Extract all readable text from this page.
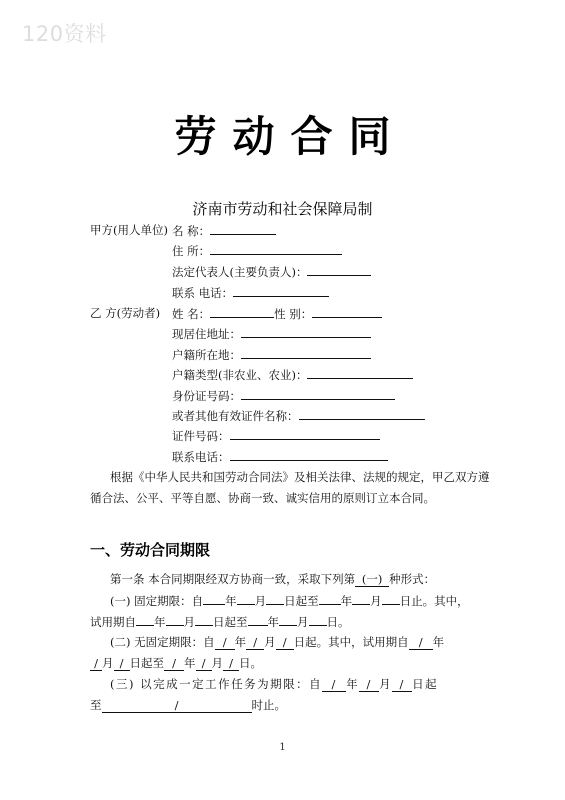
120资料
劳动合同
济南市劳动和社会保障局制
甲方(用人单位) 名 称：
住 所：
法定代表人(主要负责人)：
联系 电话：
乙 方(劳动者) 姓 名：	性 别：
现居住地址：
户籍所在地：
户籍类型(非农业、农业)：
身份证号码：
或者其他有效证件名称：
证件号码：
联系电话：
根据《中华人民共和国劳动合同法》及相关法律、法规的规定，甲乙双方遵
循合法、公平、平等自愿、协商一致、诚实信用的原则订立本合同。
一、劳动合同期限
第一条 本合同期限经双方协商一致，采取下列第 (一) 种形式：
(一) 固定期限：自 年 月 日起至 年 月 日止。其中，
试用期自 年 月 日起至 年 月 日。
(二) 无固定期限：自 / 年 / 月 / 日起。其中，试用期自 / 年
/ 月 / 日起至 / 年 / 月 / 日。
(三) 以完成一定工作任务为期限：自 / 年 / 月 / 日起
至	/	时止。
1
